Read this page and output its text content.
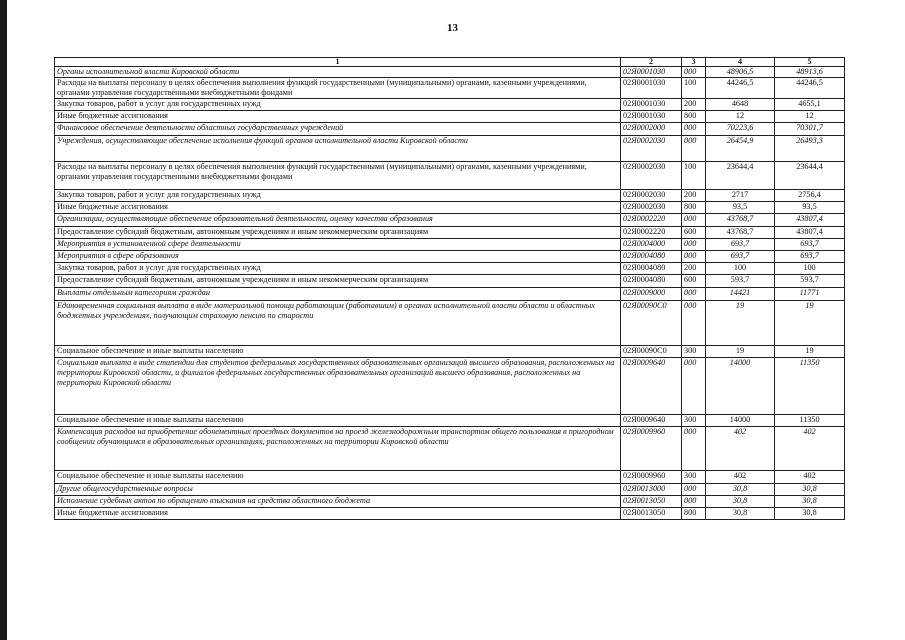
13
1	2	3	4	5
Органы исполнительной власти Кировской области	02Я0001030	000	48906,5	48913,6
Расходы на выплаты персоналу в целях обеспечения выполнения функций государственными (муниципальными) органами, казенными учреждениями, органами управления государственными внебюджетными фондами	02Я0001030	100	44246,5	44246,5
Закупка товаров, работ и услуг для государственных нужд	02Я0001030	200	4648	4655,1
Иные бюджетные ассигнования	02Я0001030	800	12	12
Финансовое обеспечение деятельности областных государственных учреждений	02Я0002000	000	70223,6	70301,7
Учреждения, осуществляющие обеспечение исполнения функций органов исполнительной власти Кировской области	02Я0002030	000	26454,9	26493,3
Расходы на выплаты персоналу в целях обеспечения выполнения функций государственными (муниципальными) органами, казенными учреждениями, органами управления государственными внебюджетными фондами	02Я0002030	100	23644,4	23644,4
Закупка товаров, работ и услуг для государственных нужд	02Я0002030	200	2717	2756,4
Иные бюджетные ассигнования	02Я0002030	800	93,5	93,5
Организации, осуществляющие обеспечение образовательной деятельности, оценку качества образования	02Я0002220	000	43768,7	43807,4
Предоставление субсидий бюджетным, автономным учреждениям и иным некоммерческим организациям	02Я0002220	600	43768,7	43807,4
Мероприятия в установленной сфере деятельности	02Я0004000	000	693,7	693,7
Мероприятия в сфере образования	02Я0004080	000	693,7	693,7
Закупка товаров, работ и услуг для государственных нужд	02Я0004080	200	100	100
Предоставление субсидий бюджетным, автономным учреждениям и иным некоммерческим организациям	02Я0004080	600	593,7	593,7
Выплаты отдельным категориям граждан	02Я0009000	000	14421	11771
Единовременная социальная выплата в виде материальной помощи работающим (работавшим) в органах исполнительной власти области и областных бюджетных учреждениях, получающим страховую пенсию по старости	02Я00090С0	000	19	19
Социальное обеспечение и иные выплаты населению	02Я00090С0	300	19	19
Социальная выплата в виде стипендии для студентов федеральных государственных образовательных организаций высшего образования, расположенных на территории Кировской области, и филиалов федеральных государственных образовательных организаций высшего образования, расположенных на территории Кировской области	02Я0009640	000	14000	11350
Социальное обеспечение и иные выплаты населению	02Я0009640	300	14000	11350
Компенсация расходов на приобретение абонементных проездных документов на проезд железнодорожным транспортом общего пользования в пригородном сообщении обучающимся в образовательных организациях, расположенных на территории Кировской области	02Я0009960	000	402	402
Социальное обеспечение и иные выплаты населению	02Я0009960	300	402	402
Другие общегосударственные вопросы	02Я0013000	000	30,8	30,8
Исполнение судебных актов по обращению взыскания на средства областного бюджета	02Я0013050	000	30,8	30,8
Иные бюджетные ассигнования	02Я0013050	800	30,8	30,8
